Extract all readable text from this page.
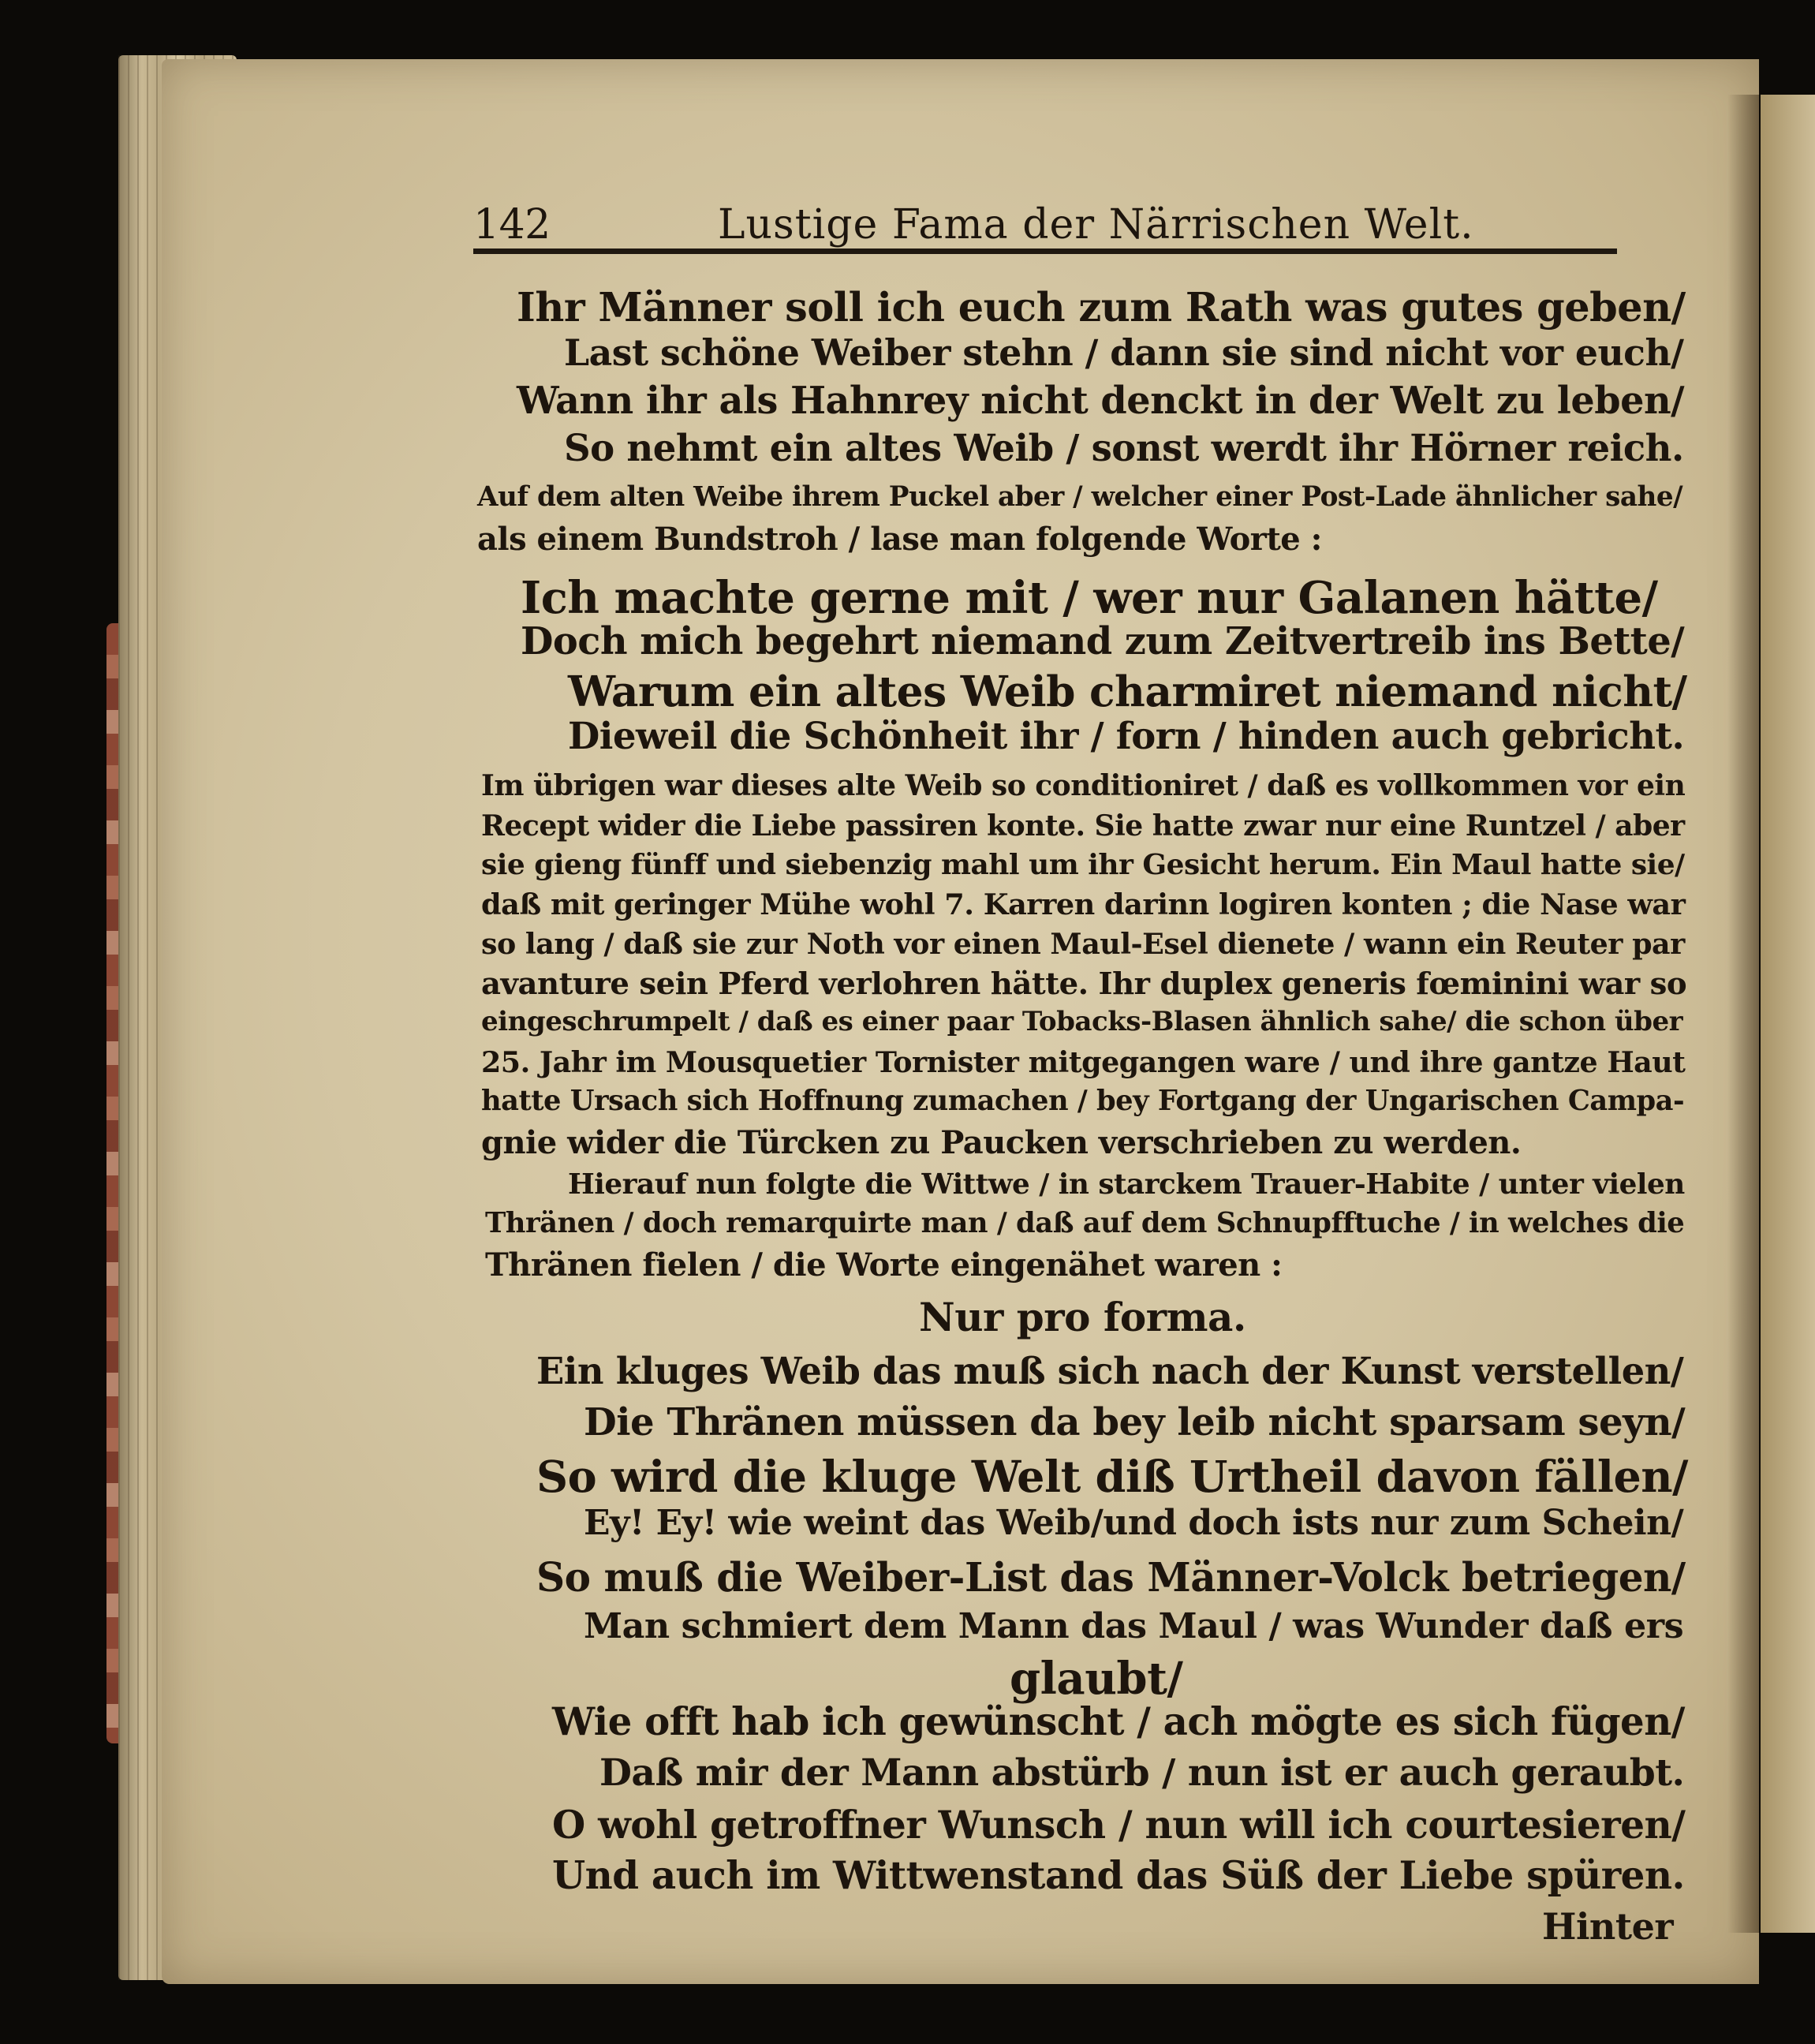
142	Lustige Fama der Närrischen Welt.
Ihr Männer soll ich euch zum Rath was gutes geben/
Last schöne Weiber stehn / dann sie sind nicht vor euch/
Wann ihr als Hahnrey nicht denckt in der Welt zu leben/
So nehmt ein altes Weib / sonst werdt ihr Hörner reich.
Auf dem alten Weibe ihrem Puckel aber / welcher einer Post-Lade ähnlicher sahe/
als einem Bundstroh / lase man folgende Worte :
Ich machte gerne mit / wer nur Galanen hätte/
Doch mich begehrt niemand zum Zeitvertreib ins Bette/
Warum ein altes Weib charmiret niemand nicht/
Dieweil die Schönheit ihr / forn / hinden auch gebricht.
Im übrigen war dieses alte Weib so conditioniret / daß es vollkommen vor ein
Recept wider die Liebe passiren konte. Sie hatte zwar nur eine Runtzel / aber
sie gieng fünff und siebenzig mahl um ihr Gesicht herum. Ein Maul hatte sie/
daß mit geringer Mühe wohl 7. Karren darinn logiren konten ; die Nase war
so lang / daß sie zur Noth vor einen Maul-Esel dienete / wann ein Reuter par
avanture sein Pferd verlohren hätte. Ihr duplex generis fœminini war so
eingeschrumpelt / daß es einer paar Tobacks-Blasen ähnlich sahe/ die schon über
25. Jahr im Mousquetier Tornister mitgegangen ware / und ihre gantze Haut
hatte Ursach sich Hoffnung zumachen / bey Fortgang der Ungarischen Campa-
gnie wider die Türcken zu Paucken verschrieben zu werden.
Hierauf nun folgte die Wittwe / in starckem Trauer-Habite / unter vielen
Thränen / doch remarquirte man / daß auf dem Schnupfftuche / in welches die
Thränen fielen / die Worte eingenähet waren :
Nur pro forma.
Ein kluges Weib das muß sich nach der Kunst verstellen/
Die Thränen müssen da bey leib nicht sparsam seyn/
So wird die kluge Welt diß Urtheil davon fällen/
Ey! Ey! wie weint das Weib/und doch ists nur zum Schein/
So muß die Weiber-List das Männer-Volck betriegen/
Man schmiert dem Mann das Maul / was Wunder daß ers
glaubt/
Wie offt hab ich gewünscht / ach mögte es sich fügen/
Daß mir der Mann abstürb / nun ist er auch geraubt.
O wohl getroffner Wunsch / nun will ich courtesieren/
Und auch im Wittwenstand das Süß der Liebe spüren.
Hinter
